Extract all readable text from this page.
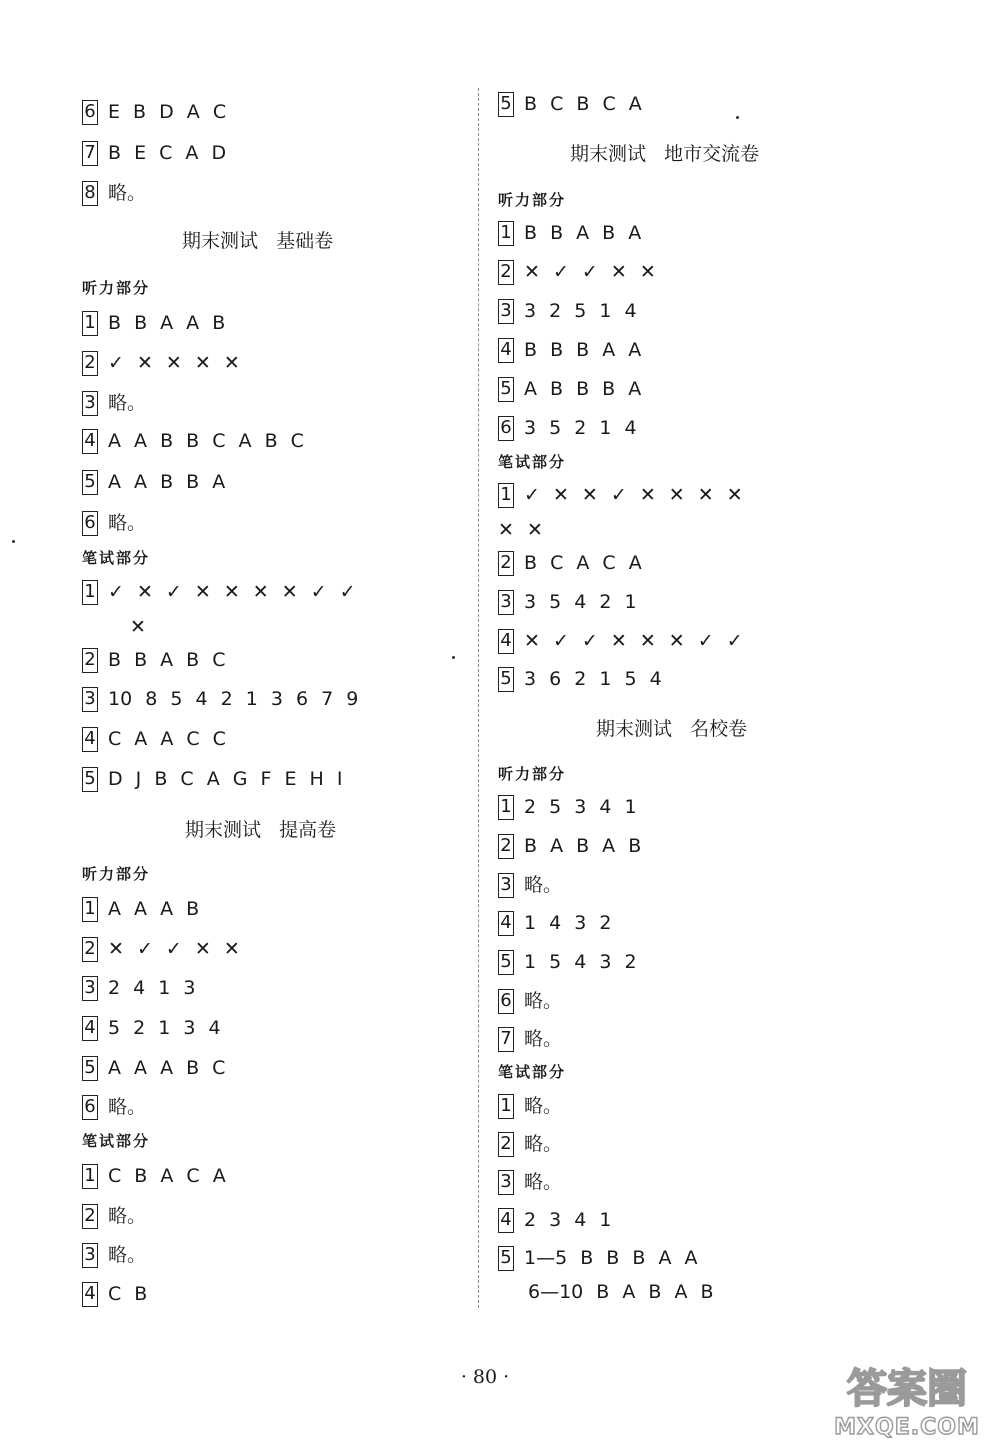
6 E B D A C
7 B E C A D
8 略。
期末测试   基础卷
听力部分
1 B B A A B
2 ✓ ✕ ✕ ✕ ✕
3 略。
4 A A B B C A B C
5 A A B B A
6 略。
笔试部分
1 ✓ ✕ ✓ ✕ ✕ ✕ ✕ ✓ ✓
✕
2 B B A B C
3 10 8 5 4 2 1 3 6 7 9
4 C A A C C
5 D J B C A G F E H I
期末测试   提高卷
听力部分
1 A A A B
2 ✕ ✓ ✓ ✕ ✕
3 2 4 1 3
4 5 2 1 3 4
5 A A A B C
6 略。
笔试部分
1 C B A C A
2 略。
3 略。
4 C B
5 B C B C A
期末测试   地市交流卷
听力部分
1 B B A B A
2 ✕ ✓ ✓ ✕ ✕
3 3 2 5 1 4
4 B B B A A
5 A B B B A
6 3 5 2 1 4
笔试部分
1 ✓ ✕ ✕ ✓ ✕ ✕ ✕ ✕
✕ ✕
2 B C A C A
3 3 5 4 2 1
4 ✕ ✓ ✓ ✕ ✕ ✕ ✓ ✓
5 3 6 2 1 5 4
期末测试   名校卷
听力部分
1 2 5 3 4 1
2 B A B A B
3 略。
4 1 4 3 2
5 1 5 4 3 2
6 略。
7 略。
笔试部分
1 略。
2 略。
3 略。
4 2 3 4 1
5 1—5 B B B A A
6—10 B A B A B
· 80 ·	答案圈
MXQE.COM
